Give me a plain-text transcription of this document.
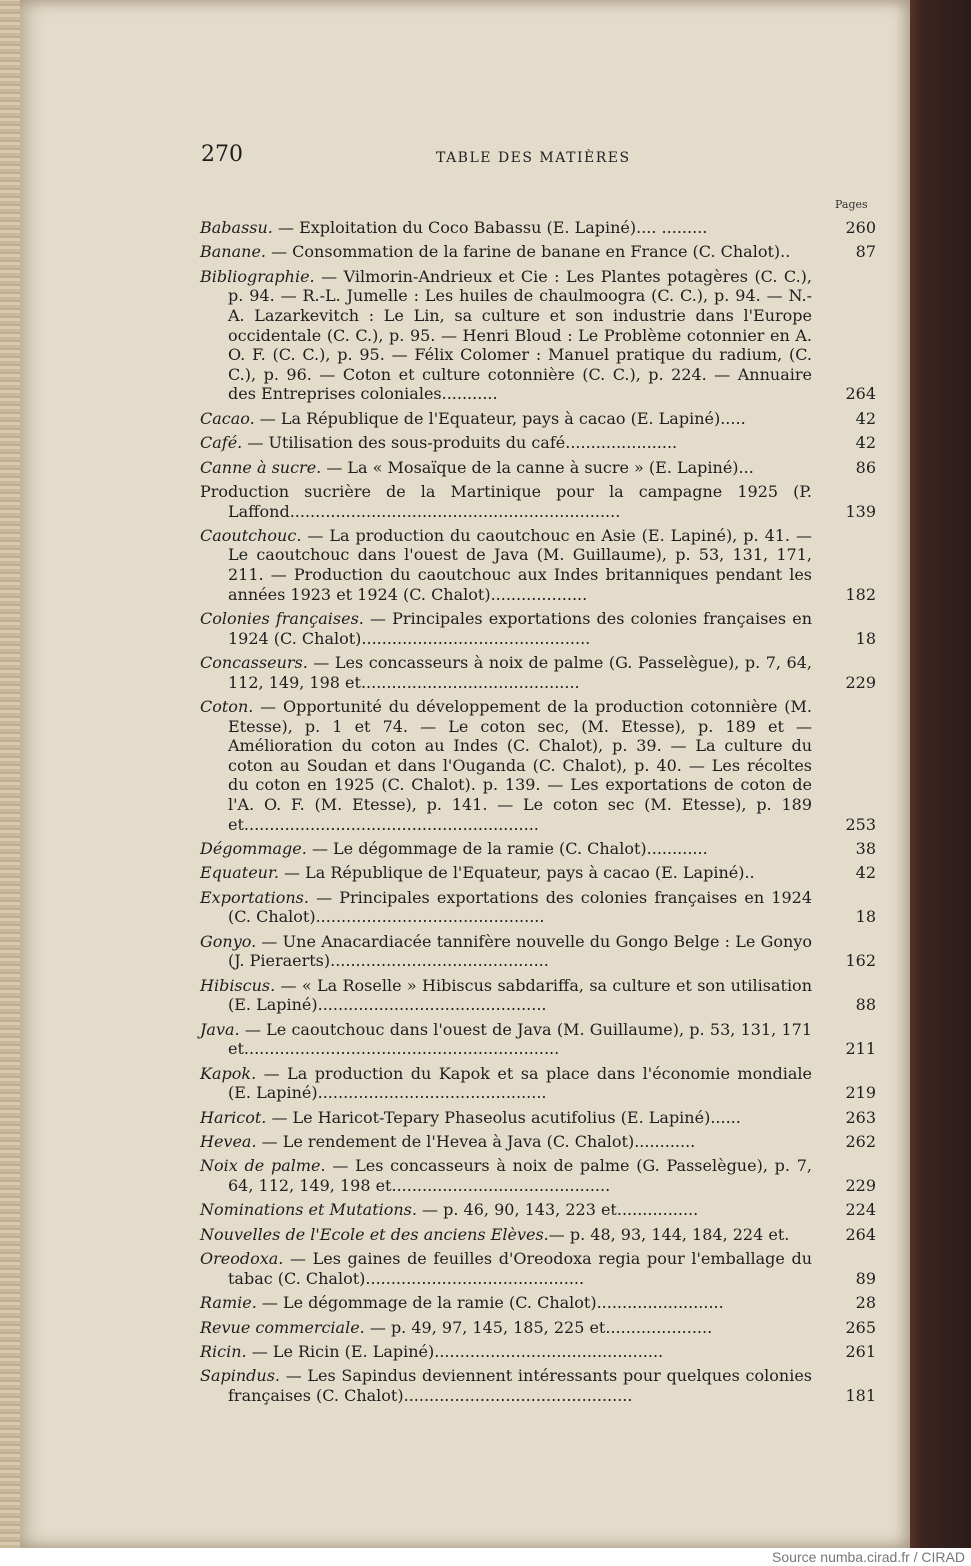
270	TABLE DES MATIÈRES
Pages
Babassu. — Exploitation du Coco Babassu (E. Lapiné).... .........	260
Banane. — Consommation de la farine de banane en France (C. Chalot)..	87
Bibliographie. — Vilmorin-Andrieux et Cie : Les Plantes potagères (C. C.), p. 94. — R.-L. Jumelle : Les huiles de chaulmoogra (C. C.), p. 94. — N.-A. Lazarkevitch : Le Lin, sa culture et son industrie dans l'Europe occidentale (C. C.), p. 95. — Henri Bloud : Le Problème cotonnier en A. O. F. (C. C.), p. 95. — Félix Colomer : Manuel pratique du radium, (C. C.), p. 96. — Coton et culture cotonnière (C. C.), p. 224. — Annuaire des Entreprises coloniales...........	264
Cacao. — La République de l'Equateur, pays à cacao (E. Lapiné).....	42
Café. — Utilisation des sous-produits du café......................	42
Canne à sucre. — La « Mosaïque de la canne à sucre » (E. Lapiné)...	86
Production sucrière de la Martinique pour la campagne 1925 (P. Laffond.................................................................	139
Caoutchouc. — La production du caoutchouc en Asie (E. Lapiné), p. 41. — Le caoutchouc dans l'ouest de Java (M. Guillaume), p. 53, 131, 171, 211. — Production du caoutchouc aux Indes britanniques pendant les années 1923 et 1924 (C. Chalot)...................	182
Colonies françaises. — Principales exportations des colonies françaises en 1924 (C. Chalot).............................................	18
Concasseurs. — Les concasseurs à noix de palme (G. Passelègue), p. 7, 64, 112, 149, 198 et...........................................	229
Coton. — Opportunité du développement de la production cotonnière (M. Etesse), p. 1 et 74. — Le coton sec, (M. Etesse), p. 189 et — Amélioration du coton au Indes (C. Chalot), p. 39. — La culture du coton au Soudan et dans l'Ouganda (C. Chalot), p. 40. — Les récoltes du coton en 1925 (C. Chalot). p. 139. — Les exportations de coton de l'A. O. F. (M. Etesse), p. 141. — Le coton sec (M. Etesse), p. 189 et..........................................................	253
Dégommage. — Le dégommage de la ramie (C. Chalot)............	38
Equateur. — La République de l'Equateur, pays à cacao (E. Lapiné)..	42
Exportations. — Principales exportations des colonies françaises en 1924 (C. Chalot).............................................	18
Gonyo. — Une Anacardiacée tannifère nouvelle du Gongo Belge : Le Gonyo (J. Pieraerts)...........................................	162
Hibiscus. — « La Roselle » Hibiscus sabdariffa, sa culture et son utilisation (E. Lapiné).............................................	88
Java. — Le caoutchouc dans l'ouest de Java (M. Guillaume), p. 53, 131, 171 et..............................................................	211
Kapok. — La production du Kapok et sa place dans l'économie mondiale (E. Lapiné).............................................	219
Haricot. — Le Haricot-Tepary Phaseolus acutifolius (E. Lapiné)......	263
Hevea. — Le rendement de l'Hevea à Java (C. Chalot)............	262
Noix de palme. — Les concasseurs à noix de palme (G. Passelègue), p. 7, 64, 112, 149, 198 et...........................................	229
Nominations et Mutations. — p. 46, 90, 143, 223 et................	224
Nouvelles de l'Ecole et des anciens Elèves.— p. 48, 93, 144, 184, 224 et.	264
Oreodoxa. — Les gaines de feuilles d'Oreodoxa regia pour l'emballage du tabac (C. Chalot)...........................................	89
Ramie. — Le dégommage de la ramie (C. Chalot).........................	28
Revue commerciale. — p. 49, 97, 145, 185, 225 et.....................	265
Ricin. — Le Ricin (E. Lapiné).............................................	261
Sapindus. — Les Sapindus deviennent intéressants pour quelques colonies françaises (C. Chalot).............................................	181
Source numba.cirad.fr / CIRAD
